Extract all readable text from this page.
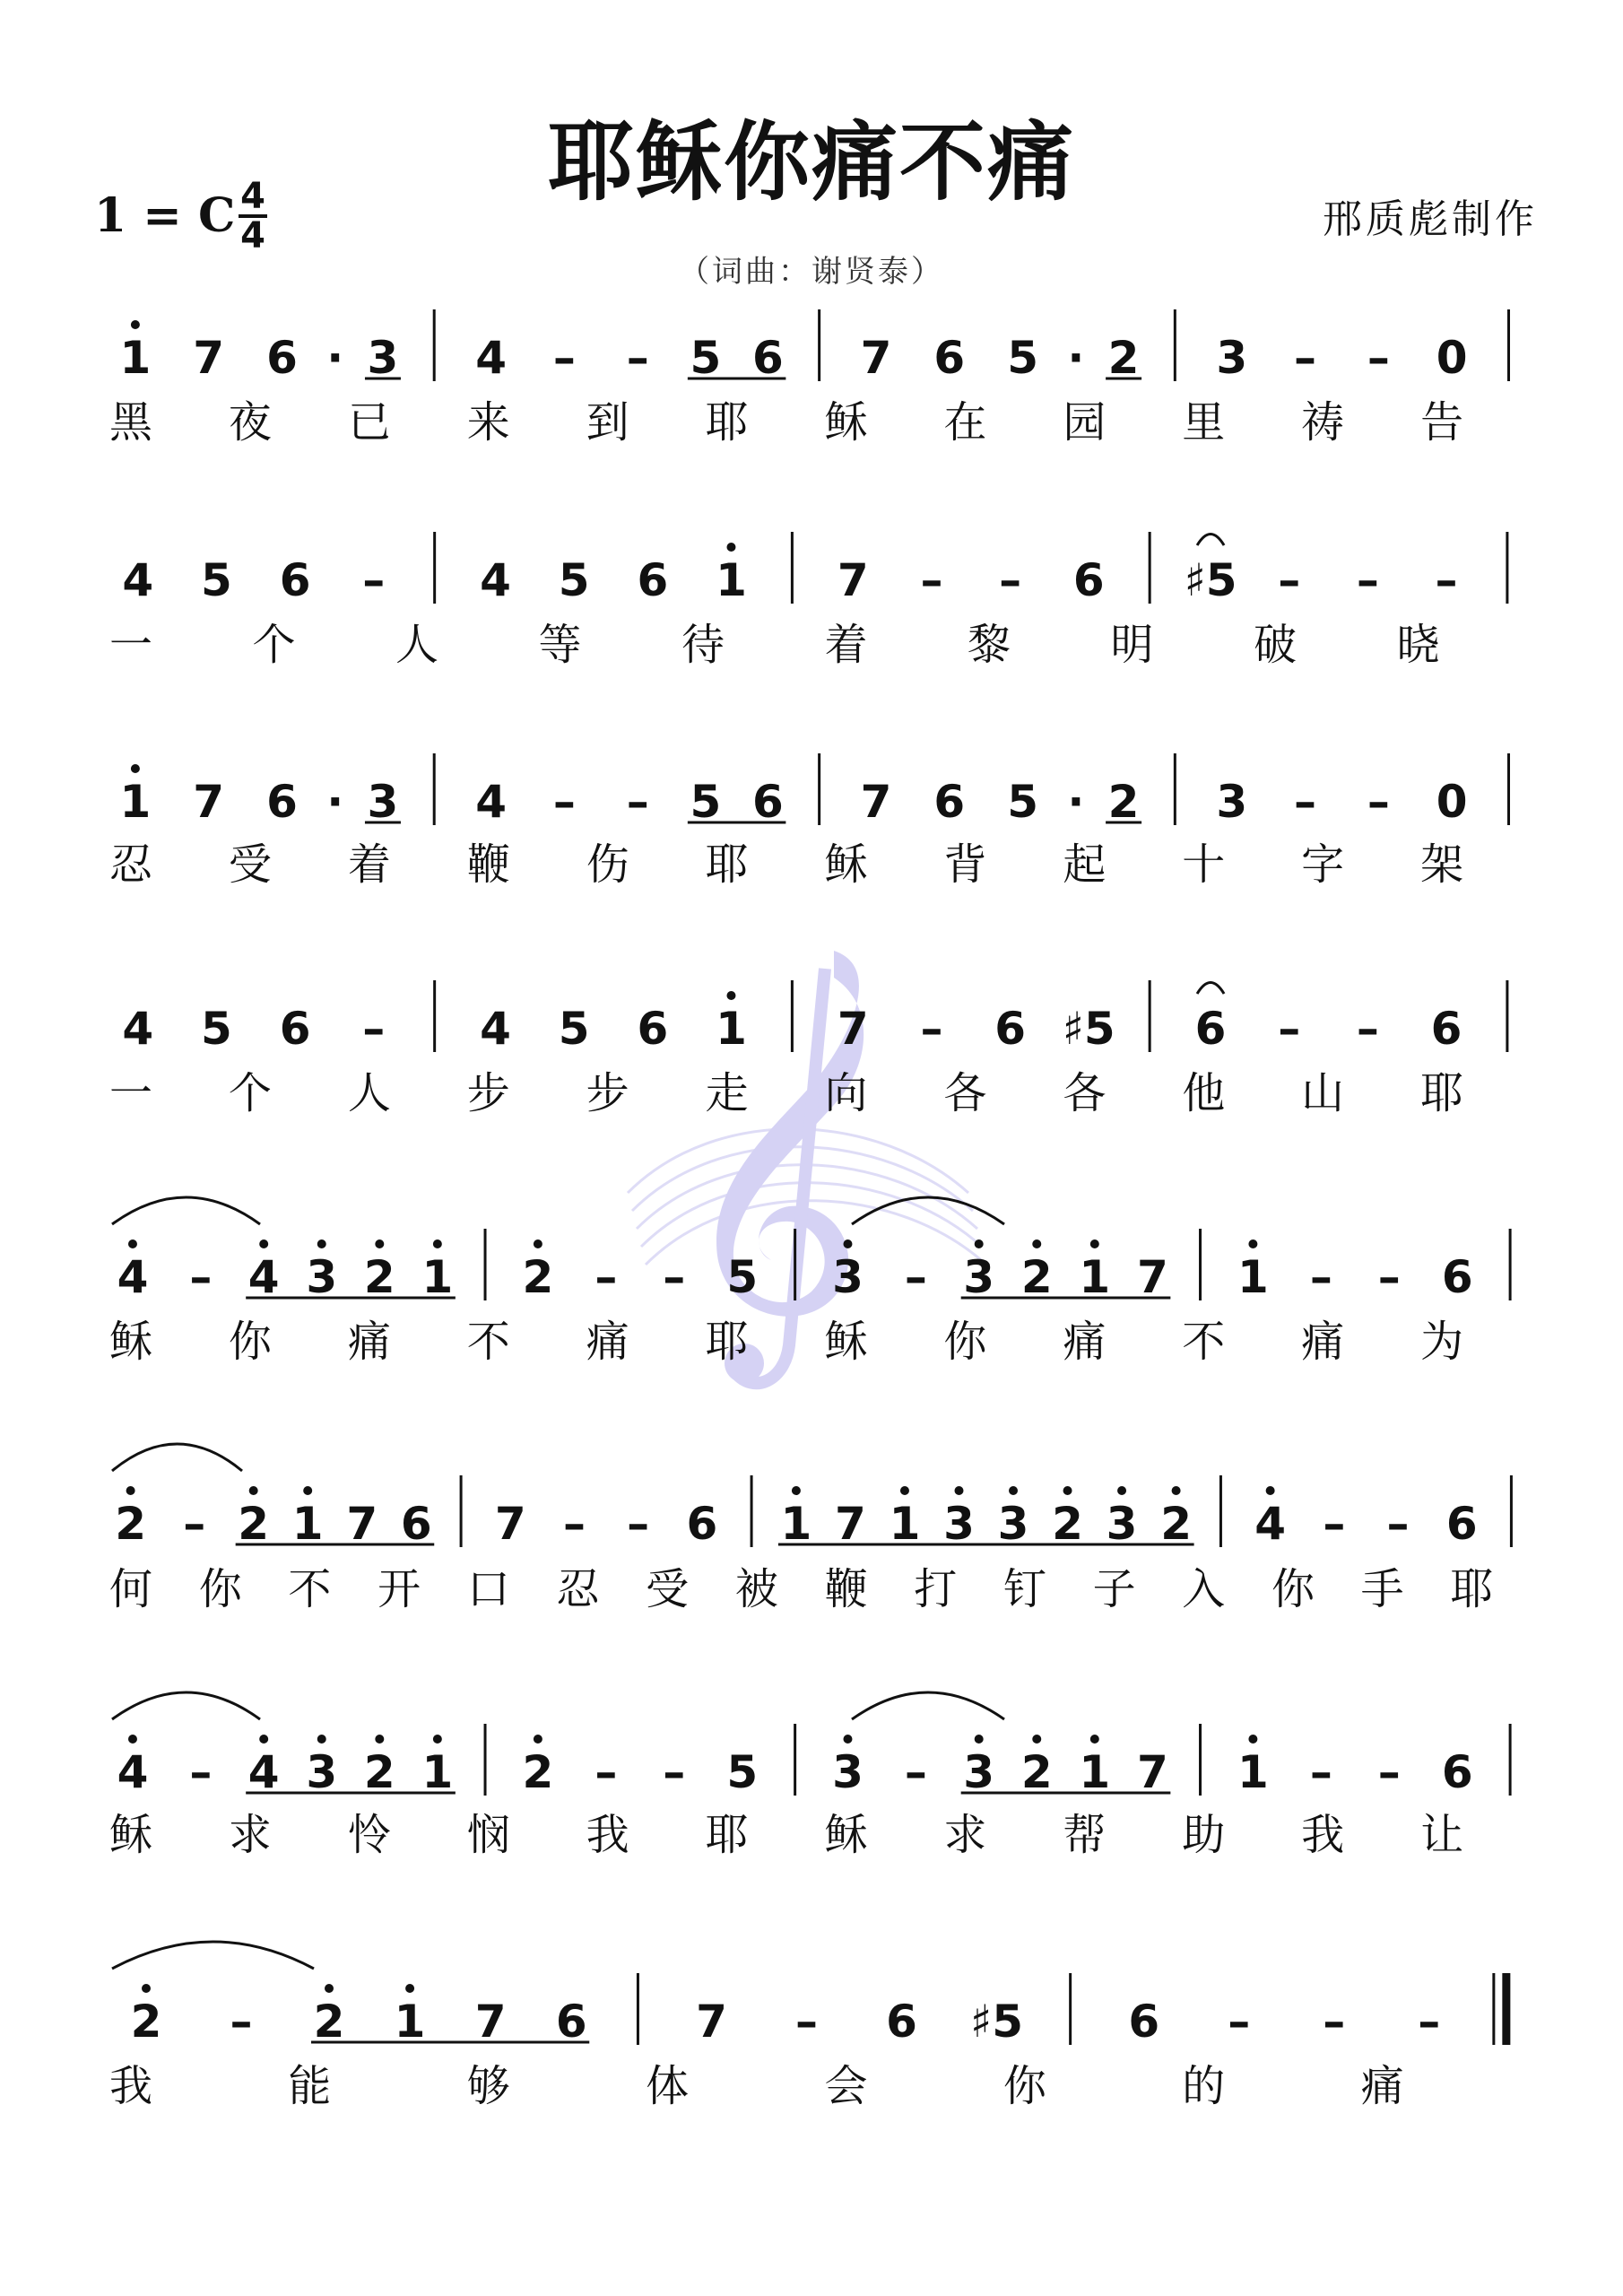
耶稣你痛不痛
1 = C 4
4	邢质彪制作
（词曲：谢贤泰）
1 7 6 · 3 4 – – 5 6 7 6 5 · 2 3 – – 0
黑 夜 已 来 到 耶 稣 在 园 里 祷 告
4 5 6 – 4 5 6 1 7 – – 6 ♯5 – – –
一 个 人 等 待 着 黎 明 破 晓
1 7 6 · 3 4 – – 5 6 7 6 5 · 2 3 – – 0
忍 受 着 鞭 伤 耶 稣 背 起 十 字 架
4 5 6 – 4 5 6 1 7 – 6 ♯5 6 – – 6
一 个 人 步 步 走 向 各 各 他 山 耶
4 – 4 3 2 1 2 – – 5 3 – 3 2 1 7 1 – – 6
稣 你 痛 不 痛 耶 稣 你 痛 不 痛 为
2 – 2 1 7 6 7 – – 6 1 7 1 3 3 2 3 2 4 – – 6
何 你 不 开 口 忍 受 被 鞭 打 钉 子 入 你 手 耶
4 – 4 3 2 1 2 – – 5 3 – 3 2 1 7 1 – – 6
稣 求 怜 悯 我 耶 稣 求 帮 助 我 让
2 – 2 1 7 6 7 – 6 ♯5 6 – – –
我	能	够	体	会	你	的	痛
